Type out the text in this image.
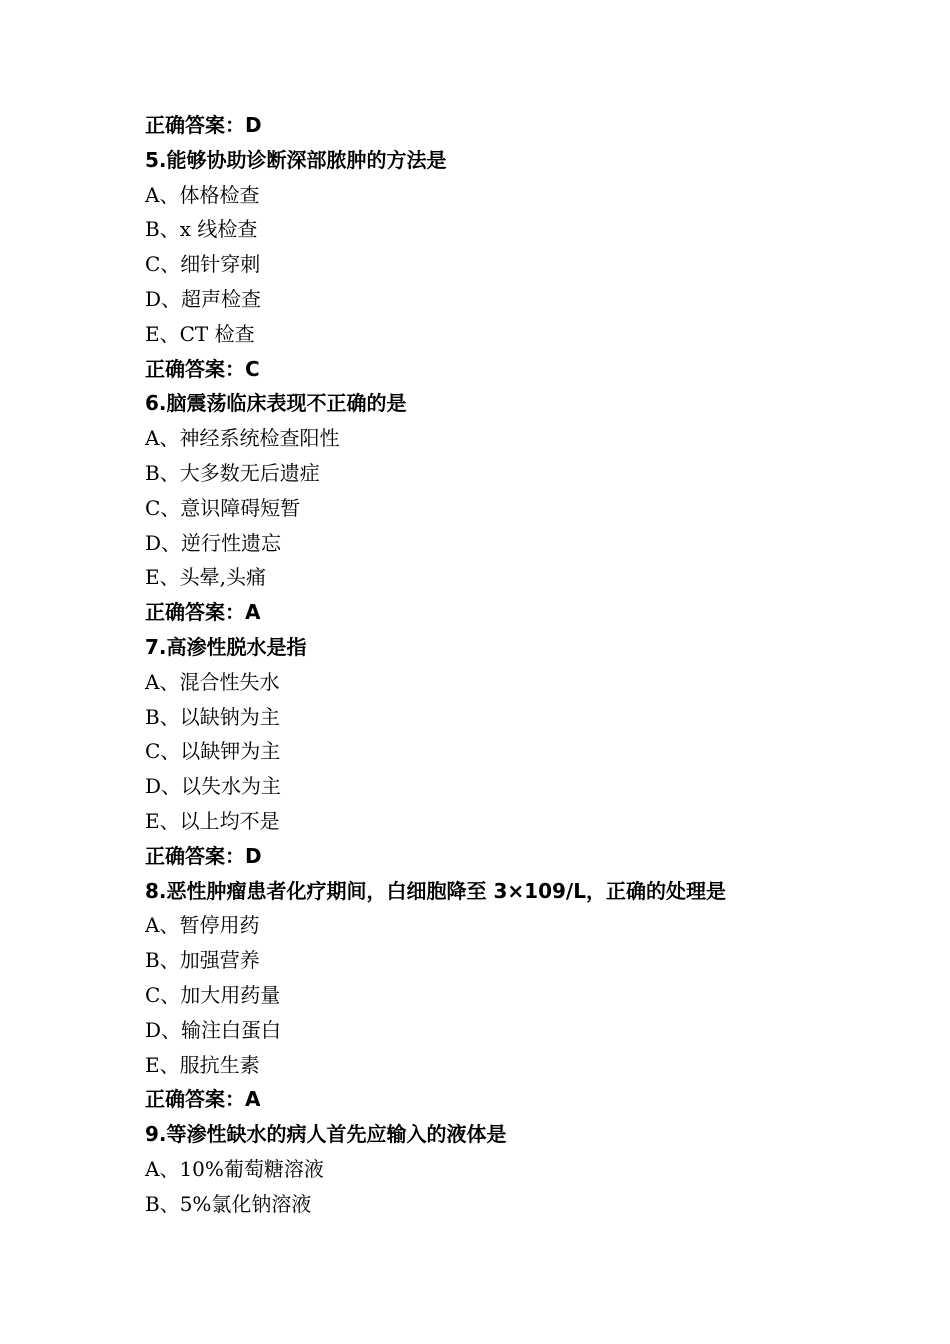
正确答案：D
5.能够协助诊断深部脓肿的方法是
A、体格检查
B、x 线检查
C、细针穿刺
D、超声检查
E、CT 检查
正确答案：C
6.脑震荡临床表现不正确的是
A、神经系统检查阳性
B、大多数无后遗症
C、意识障碍短暂
D、逆行性遗忘
E、头晕,头痛
正确答案：A
7.高渗性脱水是指
A、混合性失水
B、以缺钠为主
C、以缺钾为主
D、以失水为主
E、以上均不是
正确答案：D
8.恶性肿瘤患者化疗期间，白细胞降至 3×109/L，正确的处理是
A、暂停用药
B、加强营养
C、加大用药量
D、输注白蛋白
E、服抗生素
正确答案：A
9.等渗性缺水的病人首先应输入的液体是
A、10%葡萄糖溶液
B、5%氯化钠溶液
